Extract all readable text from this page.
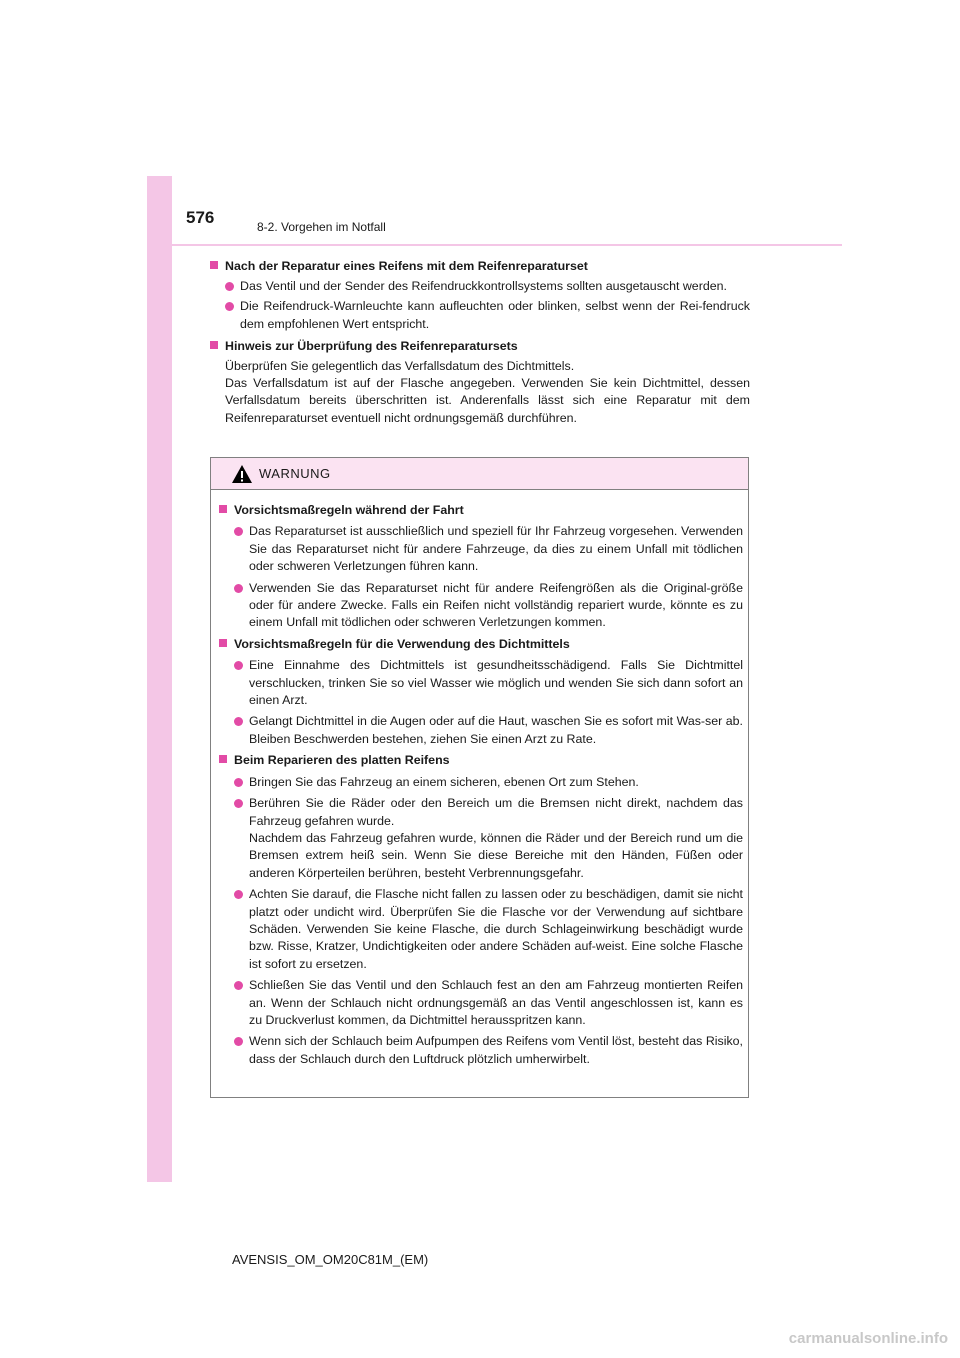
576	8-2. Vorgehen im Notfall
Nach der Reparatur eines Reifens mit dem Reifenreparaturset
Das Ventil und der Sender des Reifendruckkontrollsystems sollten ausgetauscht werden.
Die Reifendruck-Warnleuchte kann aufleuchten oder blinken, selbst wenn der Rei-fendruck dem empfohlenen Wert entspricht.
Hinweis zur Überprüfung des Reifenreparatursets
Überprüfen Sie gelegentlich das Verfallsdatum des Dichtmittels.
Das Verfallsdatum ist auf der Flasche angegeben. Verwenden Sie kein Dichtmittel, dessen Verfallsdatum bereits überschritten ist. Anderenfalls lässt sich eine Reparatur mit dem Reifenreparaturset eventuell nicht ordnungsgemäß durchführen.
WARNUNG
Vorsichtsmaßregeln während der Fahrt
Das Reparaturset ist ausschließlich und speziell für Ihr Fahrzeug vorgesehen. Verwenden Sie das Reparaturset nicht für andere Fahrzeuge, da dies zu einem Unfall mit tödlichen oder schweren Verletzungen führen kann.
Verwenden Sie das Reparaturset nicht für andere Reifengrößen als die Original-größe oder für andere Zwecke. Falls ein Reifen nicht vollständig repariert wurde, könnte es zu einem Unfall mit tödlichen oder schweren Verletzungen kommen.
Vorsichtsmaßregeln für die Verwendung des Dichtmittels
Eine Einnahme des Dichtmittels ist gesundheitsschädigend. Falls Sie Dichtmittel verschlucken, trinken Sie so viel Wasser wie möglich und wenden Sie sich dann sofort an einen Arzt.
Gelangt Dichtmittel in die Augen oder auf die Haut, waschen Sie es sofort mit Was-ser ab. Bleiben Beschwerden bestehen, ziehen Sie einen Arzt zu Rate.
Beim Reparieren des platten Reifens
Bringen Sie das Fahrzeug an einem sicheren, ebenen Ort zum Stehen.
Berühren Sie die Räder oder den Bereich um die Bremsen nicht direkt, nachdem das Fahrzeug gefahren wurde.
Nachdem das Fahrzeug gefahren wurde, können die Räder und der Bereich rund um die Bremsen extrem heiß sein. Wenn Sie diese Bereiche mit den Händen, Füßen oder anderen Körperteilen berühren, besteht Verbrennungsgefahr.
Achten Sie darauf, die Flasche nicht fallen zu lassen oder zu beschädigen, damit sie nicht platzt oder undicht wird. Überprüfen Sie die Flasche vor der Verwendung auf sichtbare Schäden. Verwenden Sie keine Flasche, die durch Schlageinwirkung beschädigt wurde bzw. Risse, Kratzer, Undichtigkeiten oder andere Schäden auf-weist. Eine solche Flasche ist sofort zu ersetzen.
Schließen Sie das Ventil und den Schlauch fest an den am Fahrzeug montierten Reifen an. Wenn der Schlauch nicht ordnungsgemäß an das Ventil angeschlossen ist, kann es zu Druckverlust kommen, da Dichtmittel herausspritzen kann.
Wenn sich der Schlauch beim Aufpumpen des Reifens vom Ventil löst, besteht das Risiko, dass der Schlauch durch den Luftdruck plötzlich umherwirbelt.
AVENSIS_OM_OM20C81M_(EM)
carmanualsonline.info
